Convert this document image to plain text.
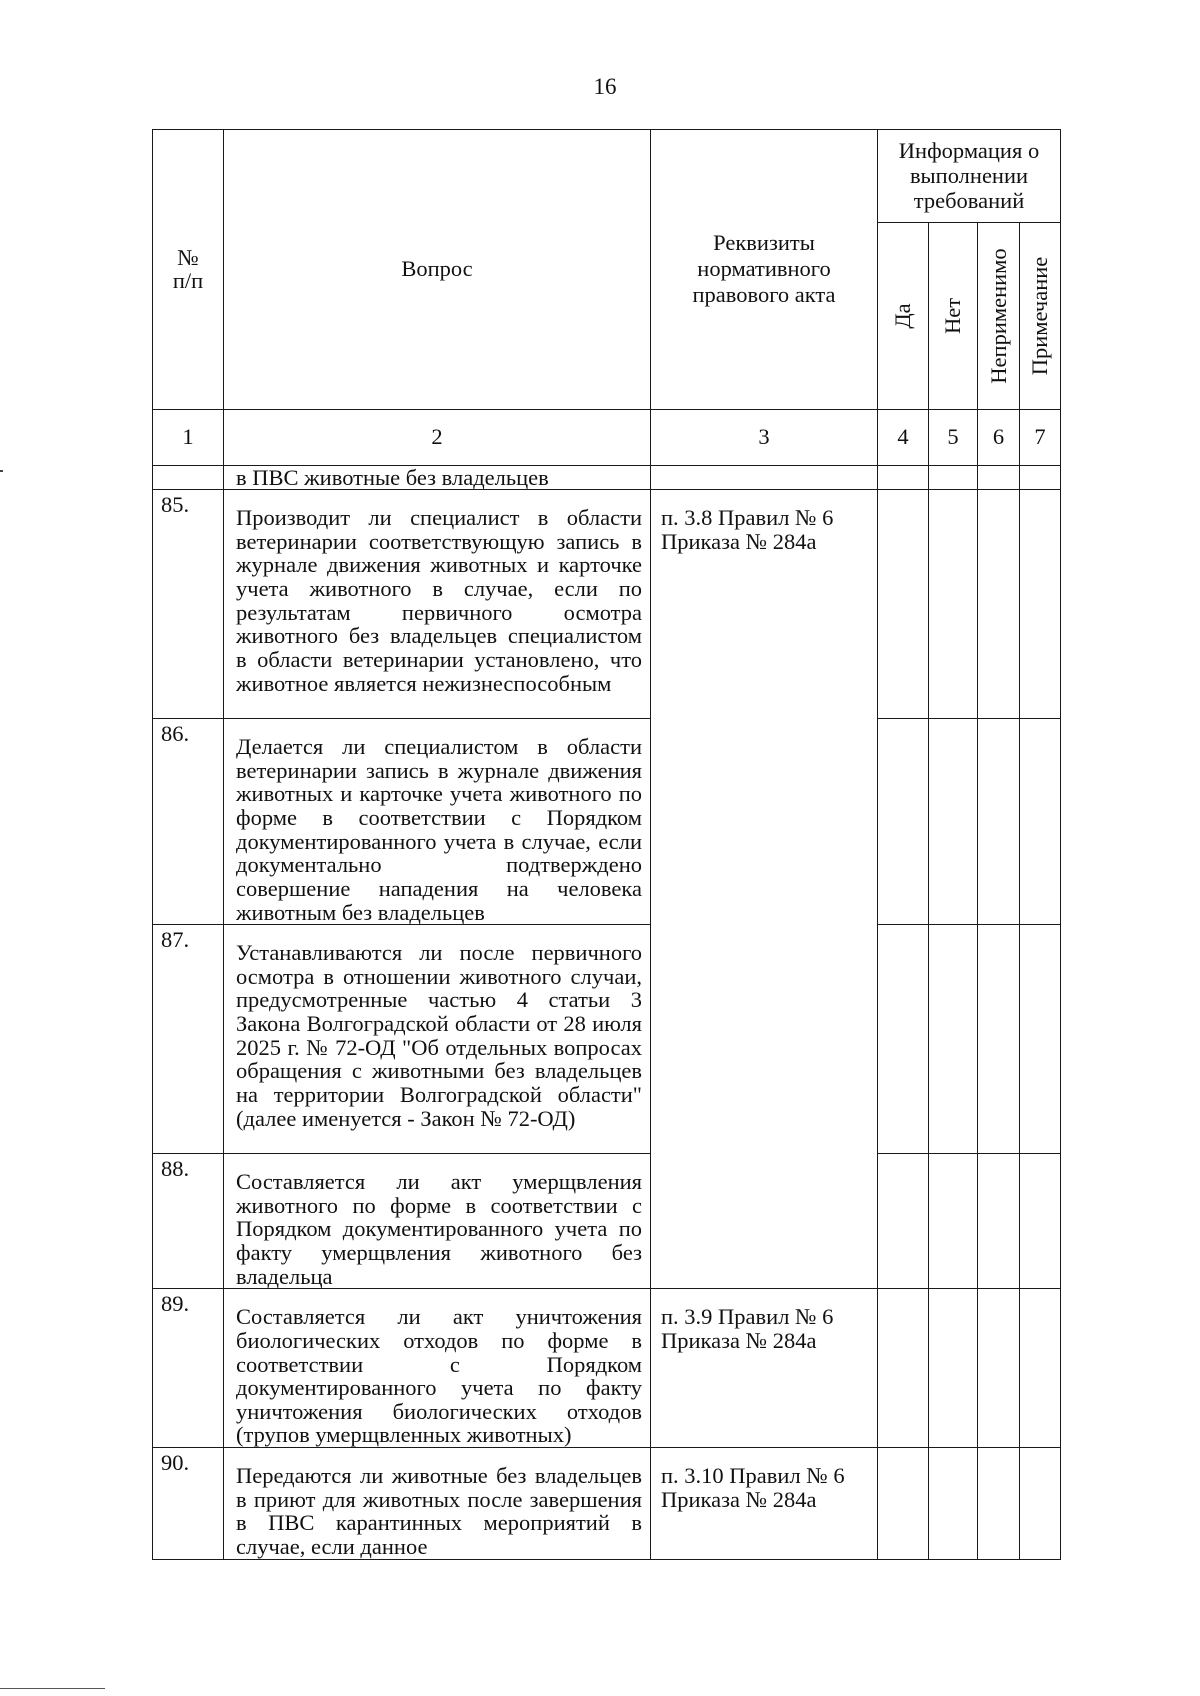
16
№
п/п	Вопрос	Реквизиты нормативного правового акта	Информация о выполнении требований			

			Да	Нет	Неприменимо	Примечание

1	2	3	4	5	6	7
	в ПВС животные без владельцев					
85.	Производит ли специалист в области ветеринарии соответствующую запись в журнале движения животных и карточке учета животного в случае, если по результатам первичного осмотра животного без владельцев специалистом в области ветеринарии установлено, что животное является нежизнеспособным	п. 3.8 Правил № 6 Приказа № 284а				
86.	Делается ли специалистом в области ветеринарии запись в журнале движения животных и карточке учета животного по форме в соответствии с Порядком документированного учета в случае, если документально подтверждено совершение нападения на человека животным без владельцев					
87.	Устанавливаются ли после первичного осмотра в отношении животного случаи, предусмотренные частью 4 статьи 3 Закона Волгоградской области от 28 июля 2025 г. № 72-ОД "Об отдельных вопросах обращения с животными без владельцев на территории Волгоградской области" (далее именуется - Закон № 72-ОД)					
88.	Составляется ли акт умерщвления животного по форме в соответствии с Порядком документированного учета по факту умерщвления животного без владельца					
89.	Составляется ли акт уничтожения биологических отходов по форме в соответствии с Порядком документированного учета по факту уничтожения биологических отходов (трупов умерщвленных животных)	п. 3.9 Правил № 6 Приказа № 284а				
90.	Передаются ли животные без владельцев в приют для животных после завершения в ПВС карантинных мероприятий в случае, если данное	п. 3.10 Правил № 6 Приказа № 284а				
